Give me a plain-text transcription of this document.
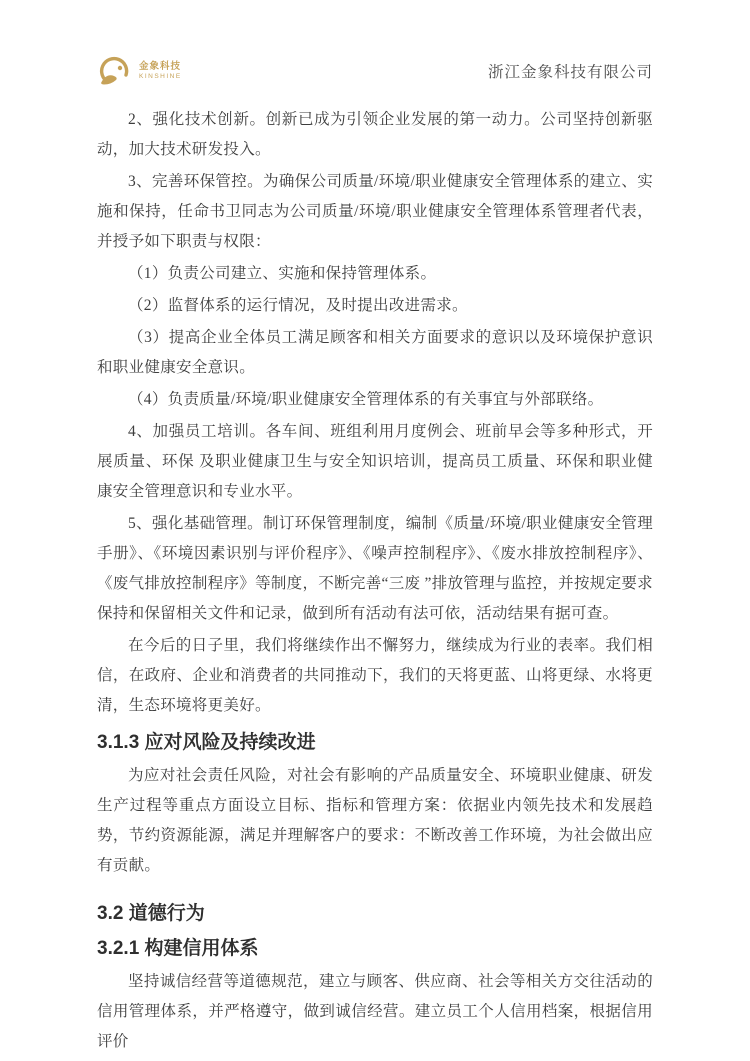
金象科技
KINSHINE	浙江金象科技有限公司

2、强化技术创新。创新已成为引领企业发展的第一动力。公司坚持创新驱动，加大技术研发投入。

3、完善环保管控。为确保公司质量/环境/职业健康安全管理体系的建立、实施和保持，任命书卫同志为公司质量/环境/职业健康安全管理体系管理者代表，并授予如下职责与权限：

（1）负责公司建立、实施和保持管理体系。

（2）监督体系的运行情况，及时提出改进需求。

（3）提高企业全体员工满足顾客和相关方面要求的意识以及环境保护意识和职业健康安全意识。

（4）负责质量/环境/职业健康安全管理体系的有关事宜与外部联络。

4、加强员工培训。各车间、班组利用月度例会、班前早会等多种形式，开展质量、环保 及职业健康卫生与安全知识培训，提高员工质量、环保和职业健康安全管理意识和专业水平。

5、强化基础管理。制订环保管理制度，编制《质量/环境/职业健康安全管理手册》、《环境因素识别与评价程序》、《噪声控制程序》、《废水排放控制程序》、《废气排放控制程序》等制度，不断完善“三废 ”排放管理与监控，并按规定要求保持和保留相关文件和记录，做到所有活动有法可依，活动结果有据可查。

在今后的日子里，我们将继续作出不懈努力，继续成为行业的表率。我们相信，在政府、企业和消费者的共同推动下，我们的天将更蓝、山将更绿、水将更清，生态环境将更美好。

3.1.3 应对风险及持续改进

为应对社会责任风险，对社会有影响的产品质量安全、环境职业健康、研发生产过程等重点方面设立目标、指标和管理方案：依据业内领先技术和发展趋势，节约资源能源，满足并理解客户的要求：不断改善工作环境，为社会做出应有贡献。

3.2 道德行为
3.2.1 构建信用体系

坚持诚信经营等道德规范，建立与顾客、供应商、社会等相关方交往活动的信用管理体系，并严格遵守，做到诚信经营。建立员工个人信用档案，根据信用评价
